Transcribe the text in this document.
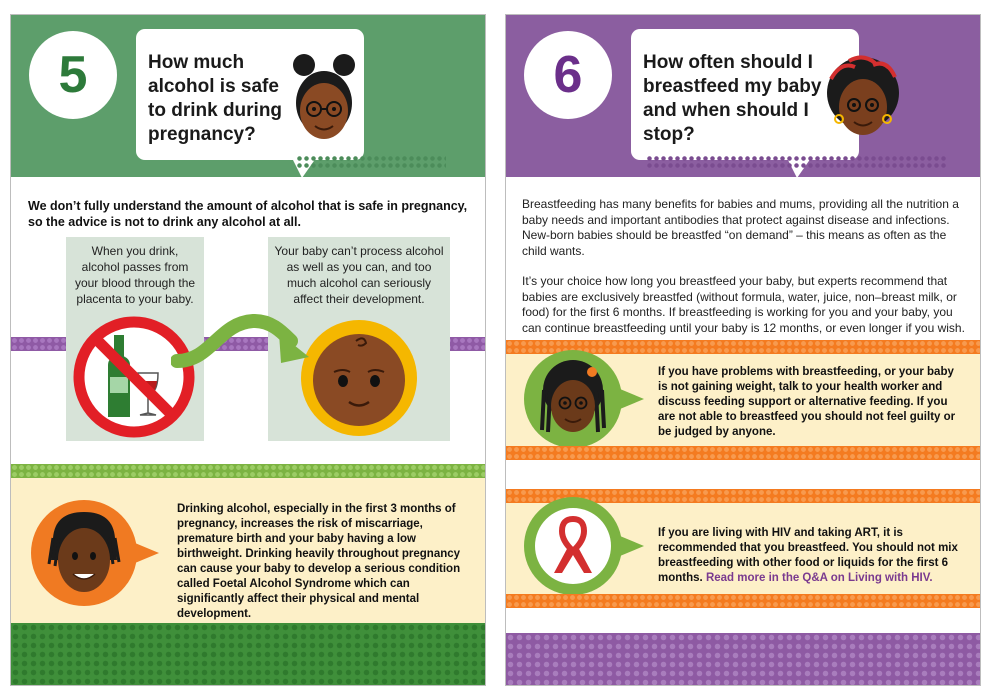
5	How much alcohol is safe to drink during pregnancy?
We don’t fully understand the amount of alcohol that is safe in pregnancy, so the advice is not to drink any alcohol at all.
When you drink, alcohol passes from your blood through the placenta to your baby.
Your baby can’t process alcohol as well as you can, and too much alcohol can seriously affect their development.
Drinking alcohol, especially in the first 3 months of pregnancy, increases the risk of miscarriage, premature birth and your baby having a low birthweight. Drinking heavily throughout pregnancy can cause your baby to develop a serious condition called Foetal Alcohol Syndrome which can significantly affect their physical and mental development.
6	How often should I breastfeed my baby and when should I stop?
Breastfeeding has many benefits for babies and mums, providing all the nutrition a baby needs and important antibodies that protect against disease and infections. New-born babies should be breastfed “on demand” – this means as often as the child wants.
It’s your choice how long you breastfeed your baby, but experts recommend that babies are exclusively breastfed (without formula, water, juice, non–breast milk, or food) for the first 6 months. If breastfeeding is working for you and your baby, you can continue breastfeeding until your baby is 12 months, or even longer if you wish.
If you have problems with breastfeeding, or your baby is not gaining weight, talk to your health worker and discuss feeding support or alternative feeding. If you are not able to breastfeed you should not feel guilty or be judged by anyone.
If you are living with HIV and taking ART, it is recommended that you breastfeed. You should not mix breastfeeding with other food or liquids for the first 6 months. Read more in the Q&A on Living with HIV.
